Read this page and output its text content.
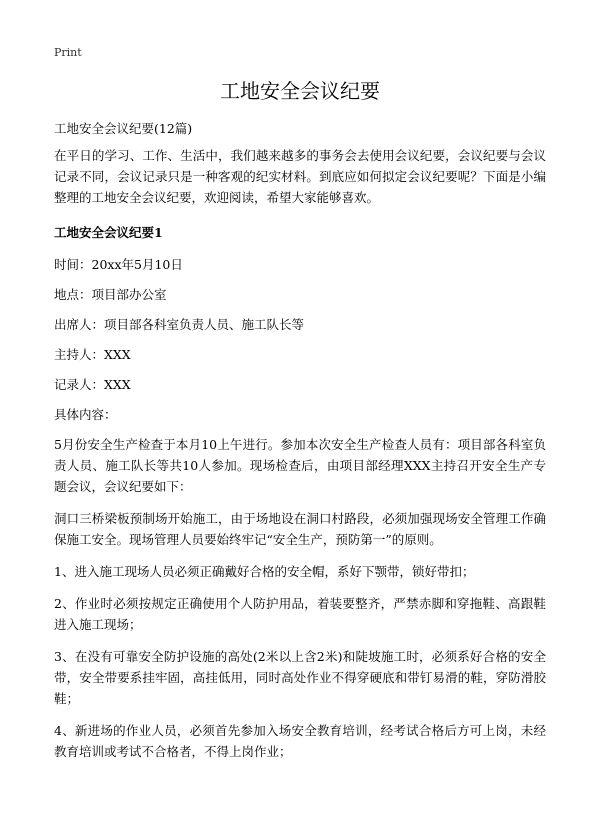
Print
工地安全会议纪要

工地安全会议纪要(12篇)

在平日的学习、工作、生活中，我们越来越多的事务会去使用会议纪要，会议纪要与会议记录不同，会议记录只是一种客观的纪实材料。到底应如何拟定会议纪要呢？下面是小编整理的工地安全会议纪要，欢迎阅读，希望大家能够喜欢。

工地安全会议纪要1

时间：20xx年5月10日

地点：项目部办公室

出席人：项目部各科室负责人员、施工队长等

主持人：XXX

记录人：XXX

具体内容：

5月份安全生产检查于本月10上午进行。参加本次安全生产检查人员有：项目部各科室负责人员、施工队长等共10人参加。现场检查后，由项目部经理XXX主持召开安全生产专题会议，会议纪要如下：

洞口三桥梁板预制场开始施工，由于场地设在洞口村路段，必须加强现场安全管理工作确保施工安全。现场管理人员要始终牢记“安全生产，预防第一”的原则。

1、进入施工现场人员必须正确戴好合格的安全帽，系好下颚带，锁好带扣；

2、作业时必须按规定正确使用个人防护用品，着装要整齐，严禁赤脚和穿拖鞋、高跟鞋进入施工现场；

3、在没有可靠安全防护设施的高处(2米以上含2米)和陡坡施工时，必须系好合格的安全带，安全带要系挂牢固，高挂低用，同时高处作业不得穿硬底和带钉易滑的鞋，穿防滑胶鞋；

4、新进场的作业人员，必须首先参加入场安全教育培训，经考试合格后方可上岗，未经教育培训或考试不合格者，不得上岗作业；
